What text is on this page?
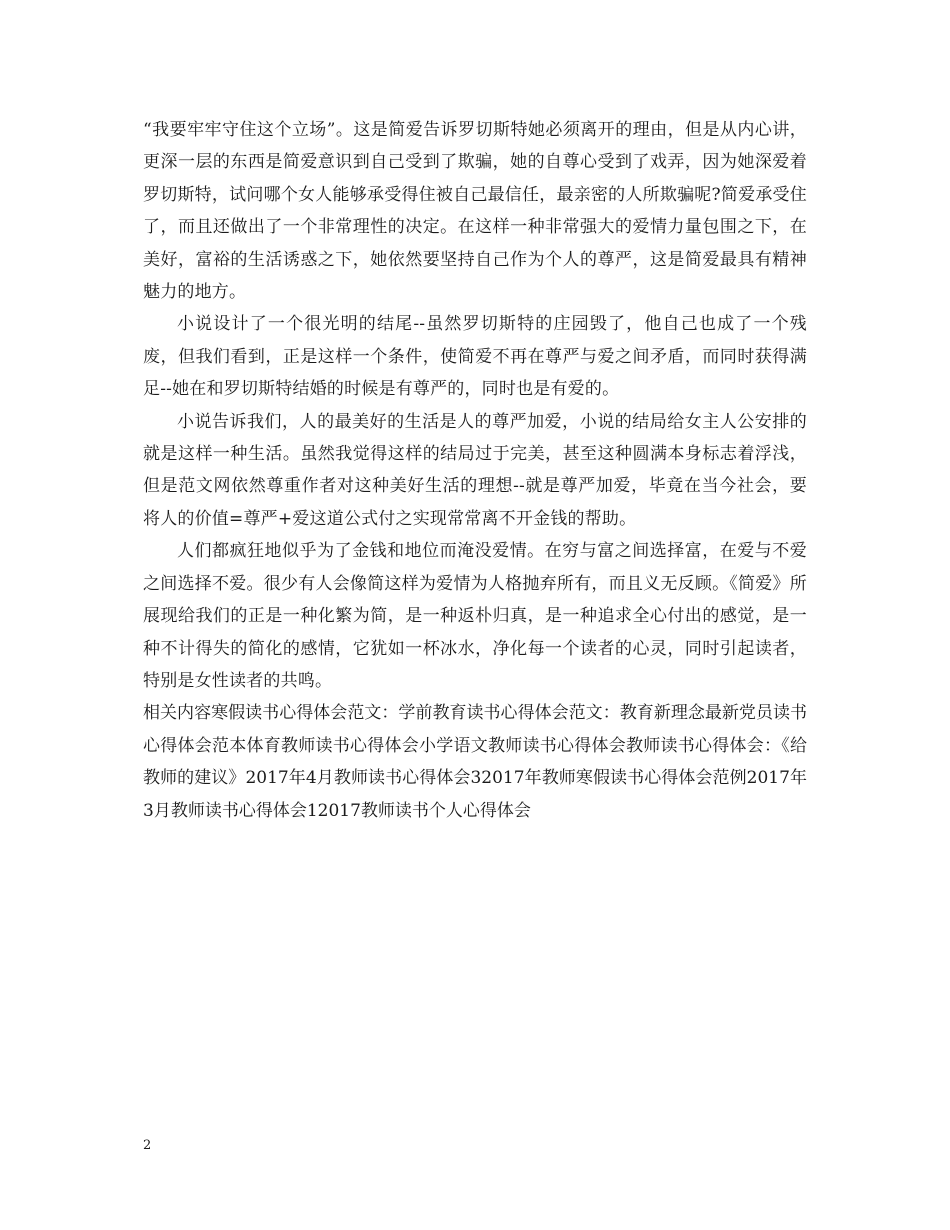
“我要牢牢守住这个立场”。这是简爱告诉罗切斯特她必须离开的理由，但是从内心讲，更深一层的东西是简爱意识到自己受到了欺骗，她的自尊心受到了戏弄，因为她深爱着罗切斯特，试问哪个女人能够承受得住被自己最信任，最亲密的人所欺骗呢?简爱承受住了，而且还做出了一个非常理性的决定。在这样一种非常强大的爱情力量包围之下，在美好，富裕的生活诱惑之下，她依然要坚持自己作为个人的尊严，这是简爱最具有精神魅力的地方。

小说设计了一个很光明的结尾--虽然罗切斯特的庄园毁了，他自己也成了一个残废，但我们看到，正是这样一个条件，使简爱不再在尊严与爱之间矛盾，而同时获得满足--她在和罗切斯特结婚的时候是有尊严的，同时也是有爱的。

小说告诉我们，人的最美好的生活是人的尊严加爱，小说的结局给女主人公安排的就是这样一种生活。虽然我觉得这样的结局过于完美，甚至这种圆满本身标志着浮浅，但是范文网依然尊重作者对这种美好生活的理想--就是尊严加爱，毕竟在当今社会，要将人的价值=尊严+爱这道公式付之实现常常离不开金钱的帮助。

人们都疯狂地似乎为了金钱和地位而淹没爱情。在穷与富之间选择富，在爱与不爱之间选择不爱。很少有人会像简这样为爱情为人格抛弃所有，而且义无反顾。《简爱》所展现给我们的正是一种化繁为简，是一种返朴归真，是一种追求全心付出的感觉，是一种不计得失的简化的感情，它犹如一杯冰水，净化每一个读者的心灵，同时引起读者，特别是女性读者的共鸣。

相关内容寒假读书心得体会范文：学前教育读书心得体会范文：教育新理念最新党员读书心得体会范本体育教师读书心得体会小学语文教师读书心得体会教师读书心得体会：《给教师的建议》2017年4月教师读书心得体会32017年教师寒假读书心得体会范例2017年3月教师读书心得体会12017教师读书个人心得体会

2
